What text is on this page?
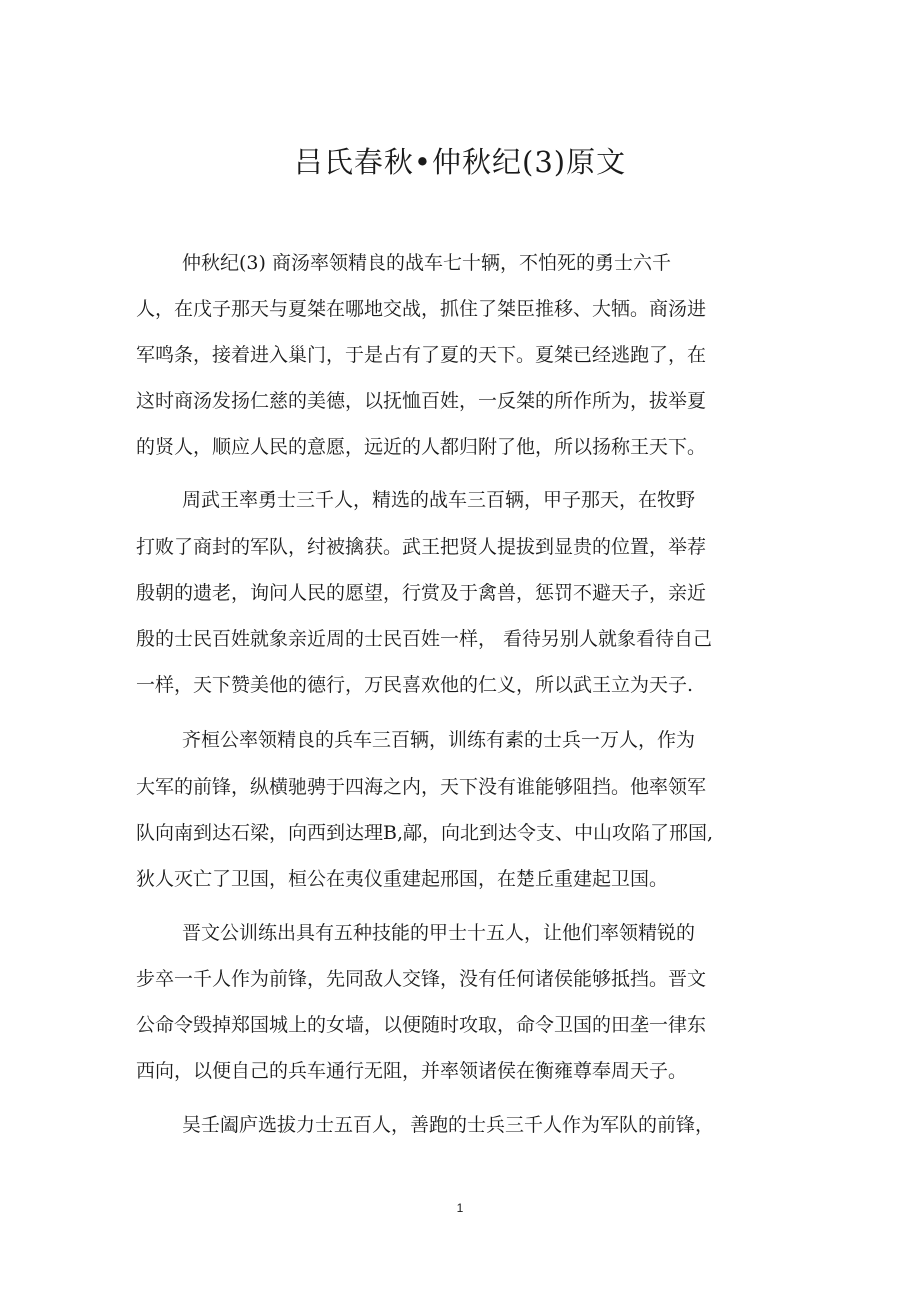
吕氏春秋•仲秋纪(3)原文
仲秋纪(3) 商汤率领精良的战车七十辆，不怕死的勇士六千
人，在戊子那天与夏桀在哪地交战，抓住了桀臣推移、大牺。商汤进
军鸣条，接着进入巢门，于是占有了夏的天下。夏桀已经逃跑了，在
这时商汤发扬仁慈的美德，以抚恤百姓，一反桀的所作所为，拔举夏
的贤人，顺应人民的意愿，远近的人都归附了他，所以扬称王天下。
周武王率勇士三千人，精选的战车三百辆，甲子那天，在牧野
打败了商封的军队，纣被擒获。武王把贤人提拔到显贵的位置，举荐
殷朝的遗老，询问人民的愿望，行赏及于禽兽，惩罚不避天子，亲近
殷的士民百姓就象亲近周的士民百姓一样， 看待另别人就象看待自己
一样，天下赞美他的德行，万民喜欢他的仁义，所以武王立为天子.
齐桓公率领精良的兵车三百辆，训练有素的士兵一万人，作为
大军的前锋，纵横驰骋于四海之内，天下没有谁能够阻挡。他率领军
队向南到达石梁，向西到达理B,鄗，向北到达令支、中山攻陷了邢国,
狄人灭亡了卫国，桓公在夷仪重建起邢国，在楚丘重建起卫国。
晋文公训练出具有五种技能的甲士十五人，让他们率领精锐的
步卒一千人作为前锋，先同敌人交锋，没有任何诸侯能够抵挡。晋文
公命令毁掉郑国城上的女墙，以便随时攻取，命令卫国的田垄一律东
西向，以便自己的兵车通行无阻，并率领诸侯在衡雍尊奉周天子。
吴壬阖庐选拔力士五百人，善跑的士兵三千人作为军队的前锋，
1
